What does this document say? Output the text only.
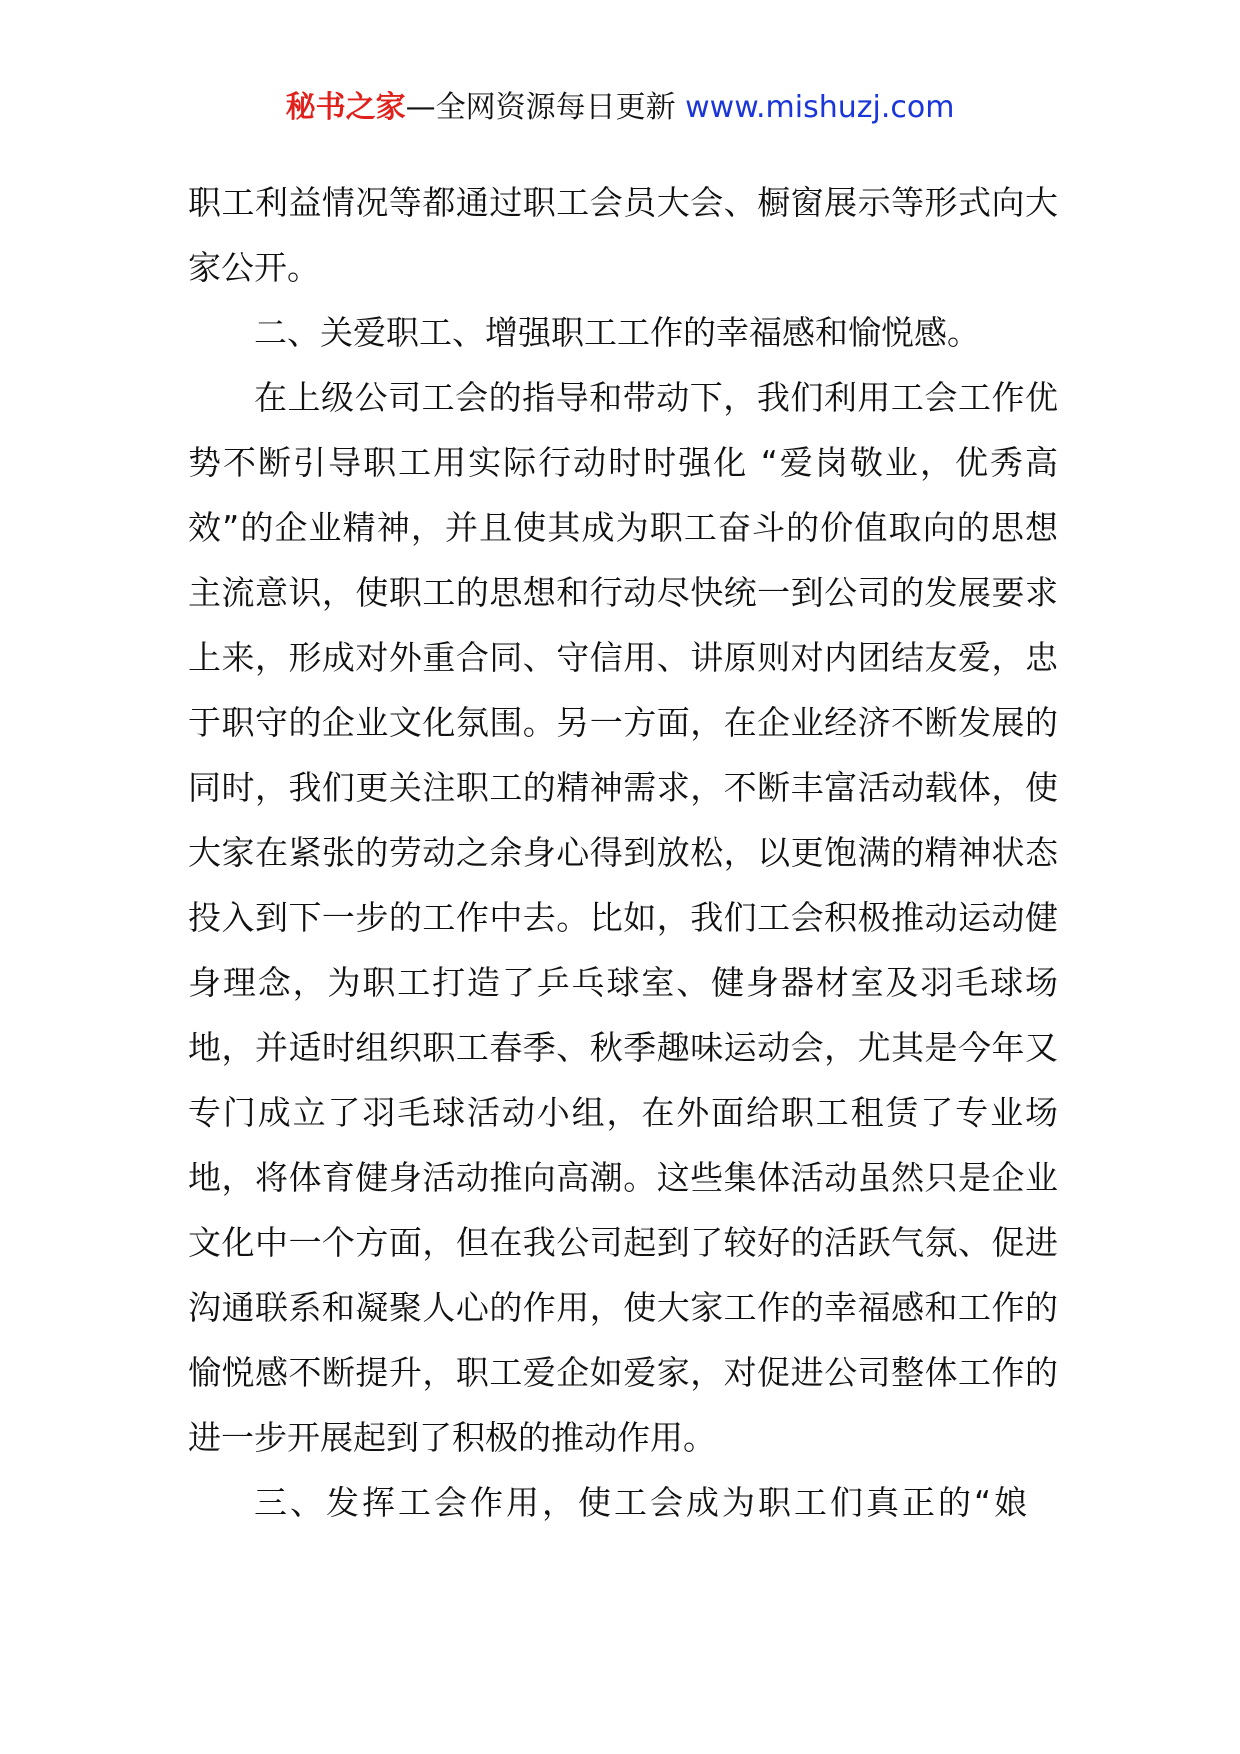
秘书之家—全网资源每日更新 www.mishuzj.com

职工利益情况等都通过职工会员大会、橱窗展示等形式向大家公开。

二、关爱职工、增强职工工作的幸福感和愉悦感。

在上级公司工会的指导和带动下，我们利用工会工作优势不断引导职工用实际行动时时强化 “爱岗敬业，优秀高效”的企业精神，并且使其成为职工奋斗的价值取向的思想主流意识，使职工的思想和行动尽快统一到公司的发展要求上来，形成对外重合同、守信用、讲原则对内团结友爱，忠于职守的企业文化氛围。另一方面，在企业经济不断发展的同时，我们更关注职工的精神需求，不断丰富活动载体，使大家在紧张的劳动之余身心得到放松，以更饱满的精神状态投入到下一步的工作中去。比如，我们工会积极推动运动健身理念，为职工打造了乒乓球室、健身器材室及羽毛球场地，并适时组织职工春季、秋季趣味运动会，尤其是今年又专门成立了羽毛球活动小组，在外面给职工租赁了专业场地，将体育健身活动推向高潮。这些集体活动虽然只是企业文化中一个方面，但在我公司起到了较好的活跃气氛、促进沟通联系和凝聚人心的作用，使大家工作的幸福感和工作的愉悦感不断提升，职工爱企如爱家，对促进公司整体工作的进一步开展起到了积极的推动作用。

三、发挥工会作用，使工会成为职工们真正的“娘
